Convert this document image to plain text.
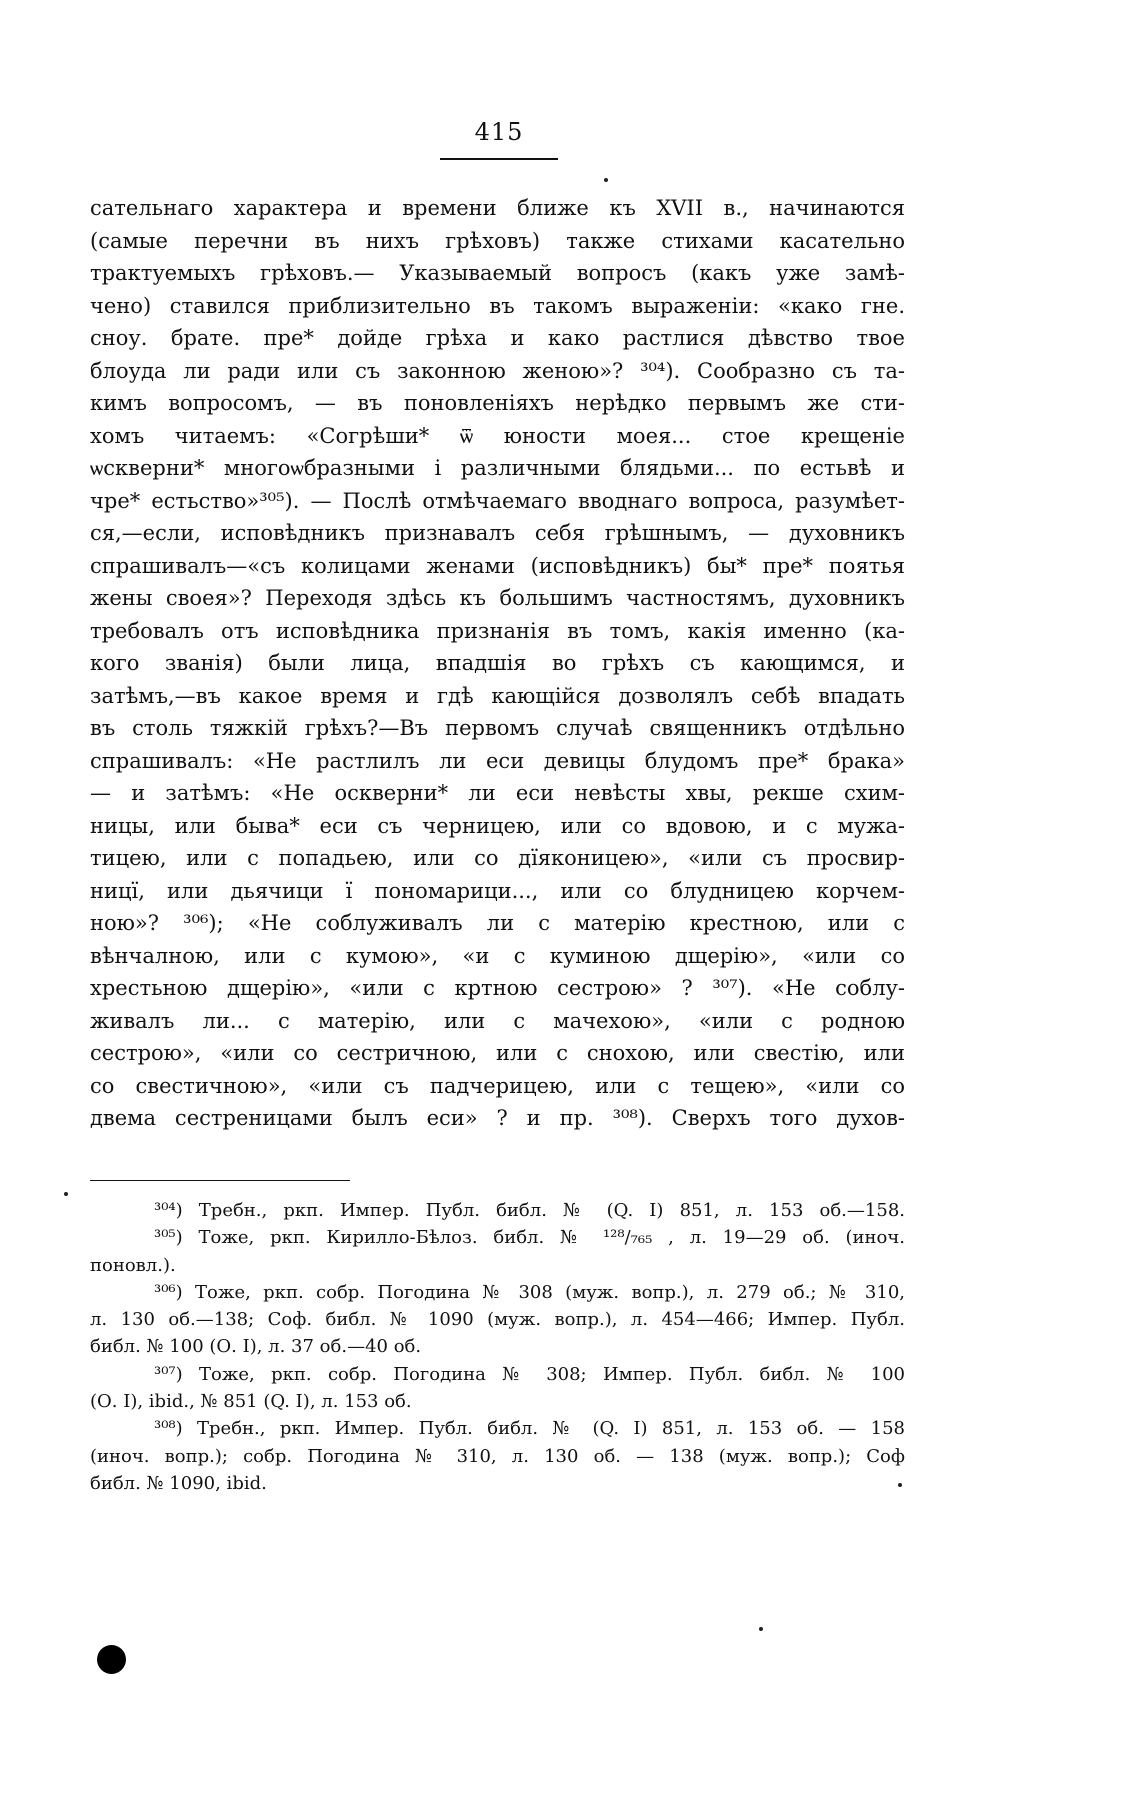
415
сательнаго характера и времени ближе къ XVII в., начинаются
(самые перечни въ нихъ грѣховъ) также стихами касательно
трактуемыхъ грѣховъ.— Указываемый вопросъ (какъ уже замѣ-
чено) ставился приблизительно въ такомъ выраженіи: «како гне.
сноу. брате. пре* дойде грѣха и како растлися дѣвство твое
блоуда ли ради или съ законною женою»? ³⁰⁴). Сообразно съ та-
кимъ вопросомъ, — въ поновленіяхъ нерѣдко первымъ же сти-
хомъ читаемъ: «Согрѣши* ѿ юности моея... стое крещеніе
ѡскверни* многоѡбразными і различными блядьми... по естьвѣ и
чре* естьство»³⁰⁵). — Послѣ отмѣчаемаго вводнаго вопроса, разумѣет-
ся,—если, исповѣдникъ признавалъ себя грѣшнымъ, — духовникъ
спрашивалъ—«съ колицами женами (исповѣдникъ) бы* пре* поятья
жены своея»? Переходя здѣсь къ большимъ частностямъ, духовникъ
требовалъ отъ исповѣдника признанія въ томъ, какія именно (ка-
кого званія) были лица, впадшія во грѣхъ съ кающимся, и
затѣмъ,—въ какое время и гдѣ кающійся дозволялъ себѣ впадать
въ столь тяжкій грѣхъ?—Въ первомъ случаѣ священникъ отдѣльно
спрашивалъ: «Не растлилъ ли еси девицы блудомъ пре* брака»
— и затѣмъ: «Не оскверни* ли еси невѣсты хвы, рекше схим-
ницы, или быва* еси съ черницею, или со вдовою, и с мужа-
тицею, или с попадьею, или со дїяконицею», «или съ просвир-
ницї, или дьячици ї пономарици..., или со блудницею корчем-
ною»? ³⁰⁶); «Не соблуживалъ ли с матерію крестною, или с
вѣнчалною, или с кумою», «и с куминою дщерію», «или со
хрестьною дщерію», «или с кртною сестрою» ? ³⁰⁷). «Не соблу-
живалъ ли... с матерію, или с мачехою», «или с родною
сестрою», «или со сестричною, или с снохою, или свестію, или
со свестичною», «или съ падчерицею, или с тещею», «или со
двема сестреницами былъ еси» ? и пр. ³⁰⁸). Сверхъ того духов-
³⁰⁴) Требн., ркп. Импер. Публ. библ. № (Q. I) 851, л. 153 об.—158.
³⁰⁵) Тоже, ркп. Кирилло-Бѣлоз. библ. № ¹²⁸/₇₆₅ , л. 19—29 об. (иноч.
поновл.).
³⁰⁶) Тоже, ркп. собр. Погодина № 308 (муж. вопр.), л. 279 об.; № 310,
л. 130 об.—138; Соф. библ. № 1090 (муж. вопр.), л. 454—466; Импер. Публ.
библ. № 100 (О. I), л. 37 об.—40 об.
³⁰⁷) Тоже, ркп. собр. Погодина № 308; Импер. Публ. библ. № 100
(О. I), ibid., № 851 (Q. I), л. 153 об.
³⁰⁸) Требн., ркп. Импер. Публ. библ. № (Q. I) 851, л. 153 об. — 158
(иноч. вопр.); собр. Погодина № 310, л. 130 об. — 138 (муж. вопр.); Соф
библ. № 1090, ibid.
